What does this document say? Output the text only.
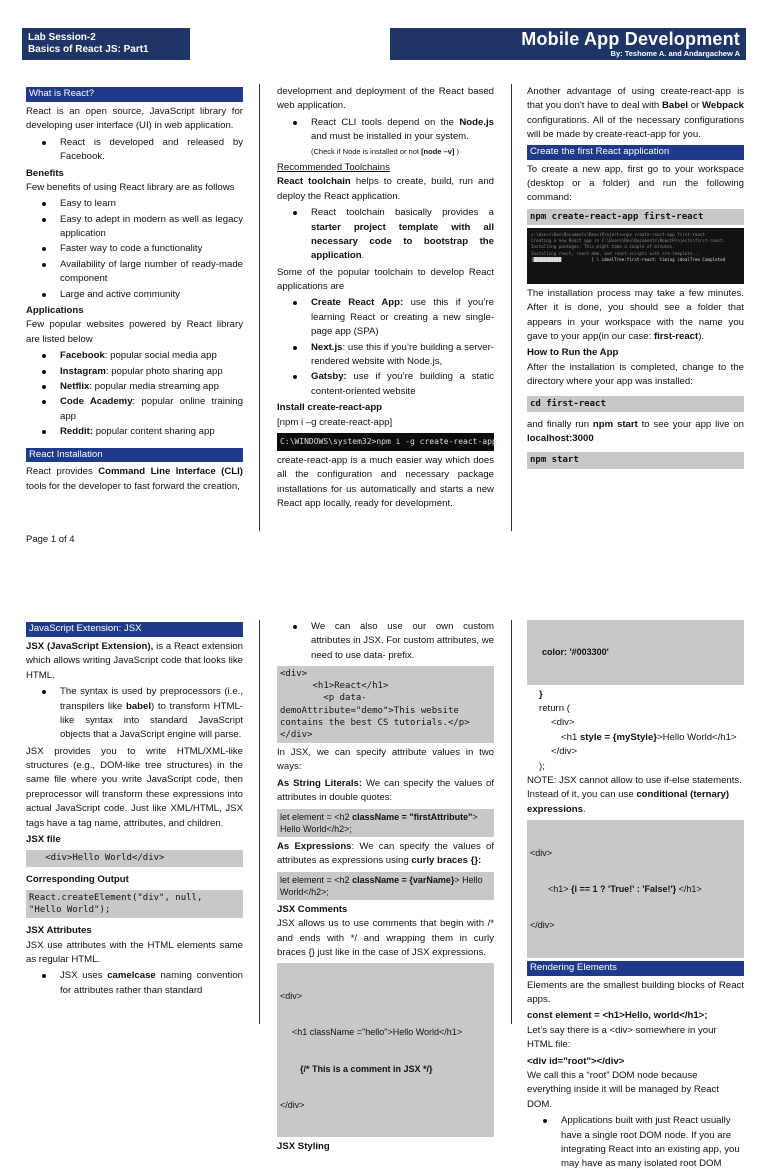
Lab Session-2
Basics of React JS: Part1
Mobile App Development
By: Teshome A. and Andargachew A
What is React?

React is an open source, JavaScript library for developing user interface (UI) in web application.

React is developed and released by Facebook.
Benefits

Few benefits of using React library are as follows

Easy to learn
Easy to adept in modern as well as legacy application
Faster way to code a functionality
Availability of large number of ready-made component
Large and active community
Applications

Few popular websites powered by React library are listed below

Facebook: popular social media app
Instagram: popular photo sharing app
Netflix: popular media streaming app
Code Academy: popular online training app
Reddit: popular content sharing app
React Installation

React provides Command Line Interface (CLI) tools for the developer to fast forward the creation,

development and deployment of the React based web application.

React CLI tools depend on the Node.js and must be installed in your system.
(Check if Node is installed or not [node –v] )
Recommended Toolchains

React toolchain helps to create, build, run and deploy the React application.

React toolchain basically provides a starter project template with all necessary code to bootstrap the application.

Some of the popular toolchain to develop React applications are

Create React App: use this if you’re learning React or creating a new single-page app (SPA)
Next.js: use this if you’re building a server-rendered website with Node.js,
Gatsby: use if you’re building a static content-oriented website
Install create-react-app
[npm i –g create-react-app]
C:\WINDOWS\system32>npm i -g create-react-app

create-react-app is a much easier way which does all the configuration and necessary package installations for us automatically and starts a new React app locally, ready for development.

Another advantage of using create-react-app is that you don't have to deal with Babel or Webpack configurations. All of the necessary configurations will be made by create-react-app for you.

Create the first React application

To create a new app, first go to your workspace (desktop or a folder) and run the following command:

npm create-react-app first-react
c:\Users\Dev\Documents\ReactProjects>npx create-react-app first-react
Creating a new React app in C:\Users\Dev\Documents\ReactProjects\first-react.
Installing packages. This might take a couple of minutes.
Installing react, react-dom, and react-scripts with cra-template...
[███████████            ] \ idealTree:first-react: timing idealTree Completed

The installation process may take a few minutes. After it is done, you should see a folder that appears in your workspace with the name you gave to your app(in our case: first-react).

How to Run the App

After the installation is completed, change to the directory where your app was installed:

cd first-react

and finally run npm start to see your app live on localhost:3000

npm start
Page 1 of 4
JavaScript Extension: JSX

JSX (JavaScript Extension), is a React extension which allows writing JavaScript code that looks like HTML.

The syntax is used by preprocessors (i.e., transpilers like babel) to transform HTML-like syntax into standard JavaScript objects that a JavaScript engine will parse.

JSX provides you to write HTML/XML-like structures (e.g., DOM-like tree structures) in the same file where you write JavaScript code, then preprocessor will transform these expressions into actual JavaScript code. Just like XML/HTML, JSX tags have a tag name, attributes, and children.

JSX file
<div>Hello World</div>
Corresponding Output
React.createElement("div", null, "Hello World");
JSX Attributes

JSX use attributes with the HTML elements same as regular HTML.

JSX uses camelcase naming convention for attributes rather than standard
We can also use our own custom attributes in JSX. For custom attributes, we need to use data- prefix.
<div>
<h1>React</h1>
<p data-demoAttribute="demo">This website contains the best CS tutorials.</p>
</div>

In JSX, we can specify attribute values in two ways:

As String Literals: We can specify the values of attributes in double quotes:

let element = <h2 className = "firstAttribute"> Hello World</h2>;

As Expressions: We can specify the values of attributes as expressions using curly braces {}:

let element = <h2 className = {varName}> Hello World</h2>;
JSX Comments

JSX allows us to use comments that begin with /* and ends with */ and wrapping them in curly braces {} just like in the case of JSX expressions.

<div>

<h1 className ="hello">Hello World</h1>

{/* This is a comment in JSX */}

</div>

JSX Styling

color: '#003300'

}
return (
<div>
<h1 style = {myStyle}>Hello World</h1>
</div>
);

NOTE: JSX cannot allow to use if-else statements. Instead of it, you can use conditional (ternary) expressions.

<div>

<h1> {i == 1 ? 'True!' : 'False!'} </h1>

</div>

Rendering Elements

Elements are the smallest building blocks of React apps.

const element = <h1>Hello, world</h1>;

Let’s say there is a <div> somewhere in your HTML file:

<div id="root"></div>

We call this a “root” DOM node because everything inside it will be managed by React DOM.

Applications built with just React usually have a single root DOM node. If you are integrating React into an existing app, you may have as many isolated root DOM
